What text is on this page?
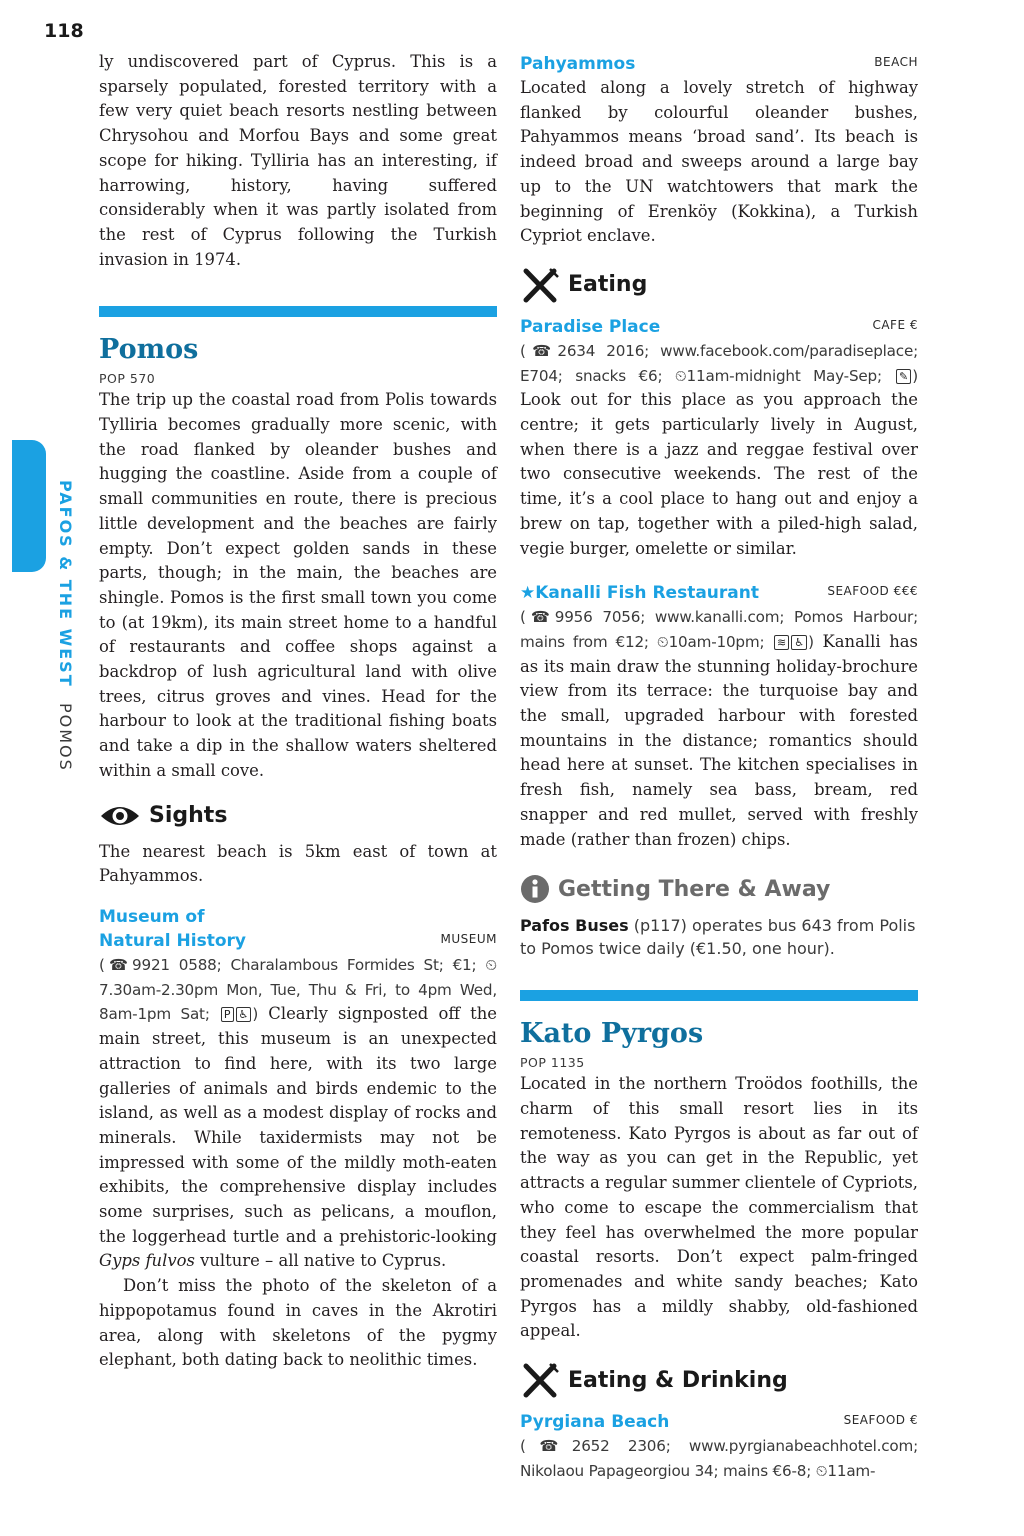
118
PAFOS & THE WEST POMOS

ly undiscovered part of Cyprus. This is a sparsely populated, forested territory with a few very quiet beach resorts nestling between Chrysohou and Morfou Bays and some great scope for hiking. Tylliria has an interesting, if harrowing, history, having suffered considerably when it was partly isolated from the rest of Cyprus following the Turkish invasion in 1974.

Pomos
POP 570

The trip up the coastal road from Polis towards Tylliria becomes gradually more scenic, with the road flanked by oleander bushes and hugging the coastline. Aside from a couple of small communities en route, there is precious little development and the beaches are fairly empty. Don’t expect golden sands in these parts, though; in the main, the beaches are shingle. Pomos is the first small town you come to (at 19km), its main street home to a handful of restaurants and coffee shops against a backdrop of lush agricultural land with olive trees, citrus groves and vines. Head for the harbour to look at the traditional fishing boats and take a dip in the shallow waters sheltered within a small cove.

Sights

The nearest beach is 5km east of town at Pahyammos.

Museum of
Natural History	MUSEUM

(☎9921 0588; Charalambous Formides St; €1; ⏲7.30am-2.30pm Mon, Tue, Thu & Fri, to 4pm Wed, 8am-1pm Sat; P ♿ ) Clearly signposted off the main street, this museum is an unexpected attraction to find here, with its two large galleries of animals and birds endemic to the island, as well as a modest display of rocks and minerals. While taxidermists may not be impressed with some of the mildly moth-eaten exhibits, the comprehensive display includes some surprises, such as pelicans, a mouflon, the loggerhead turtle and a prehistoric-looking Gyps fulvos vulture – all native to Cyprus.

Don’t miss the photo of the skeleton of a hippopotamus found in caves in the Akrotiri area, along with skeletons of the pygmy elephant, both dating back to neolithic times.

Pahyammos	BEACH

Located along a lovely stretch of highway flanked by colourful oleander bushes, Pahyammos means ‘broad sand’. Its beach is indeed broad and sweeps around a large bay up to the UN watchtowers that mark the beginning of Erenköy (Kokkina), a Turkish Cypriot enclave.

Eating
Paradise Place	CAFE €

(☎2634 2016; www.facebook.com/paradiseplace; E704; snacks €6; ⏲11am-midnight May-Sep; ✎ ) Look out for this place as you approach the centre; it gets particularly lively in August, when there is a jazz and reggae festival over two consecutive weekends. The rest of the time, it’s a cool place to hang out and enjoy a brew on tap, together with a piled-high salad, vegie burger, omelette or similar.

★Kanalli Fish Restaurant	SEAFOOD €€€

(☎9956 7056; www.kanalli.com; Pomos Harbour; mains from €12; ⏲10am-10pm; ≋ ♿ ) Kanalli has as its main draw the stunning holiday-brochure view from its terrace: the turquoise bay and the small, upgraded harbour with forested mountains in the distance; romantics should head here at sunset. The kitchen specialises in fresh fish, namely sea bass, bream, red snapper and red mullet, served with freshly made (rather than frozen) chips.

Getting There & Away

Pafos Buses (p117) operates bus 643 from Polis to Pomos twice daily (€1.50, one hour).

Kato Pyrgos
POP 1135

Located in the northern Troödos foothills, the charm of this small resort lies in its remoteness. Kato Pyrgos is about as far out of the way as you can get in the Republic, yet attracts a regular summer clientele of Cypriots, who come to escape the commercialism that they feel has overwhelmed the more popular coastal resorts. Don’t expect palm-fringed promenades and white sandy beaches; Kato Pyrgos has a mildly shabby, old-fashioned appeal.

Eating & Drinking
Pyrgiana Beach	SEAFOOD €

(☎2652 2306; www.pyrgianabeachhotel.com; Nikolaou Papageorgiou 34; mains €6-8; ⏲11am-
